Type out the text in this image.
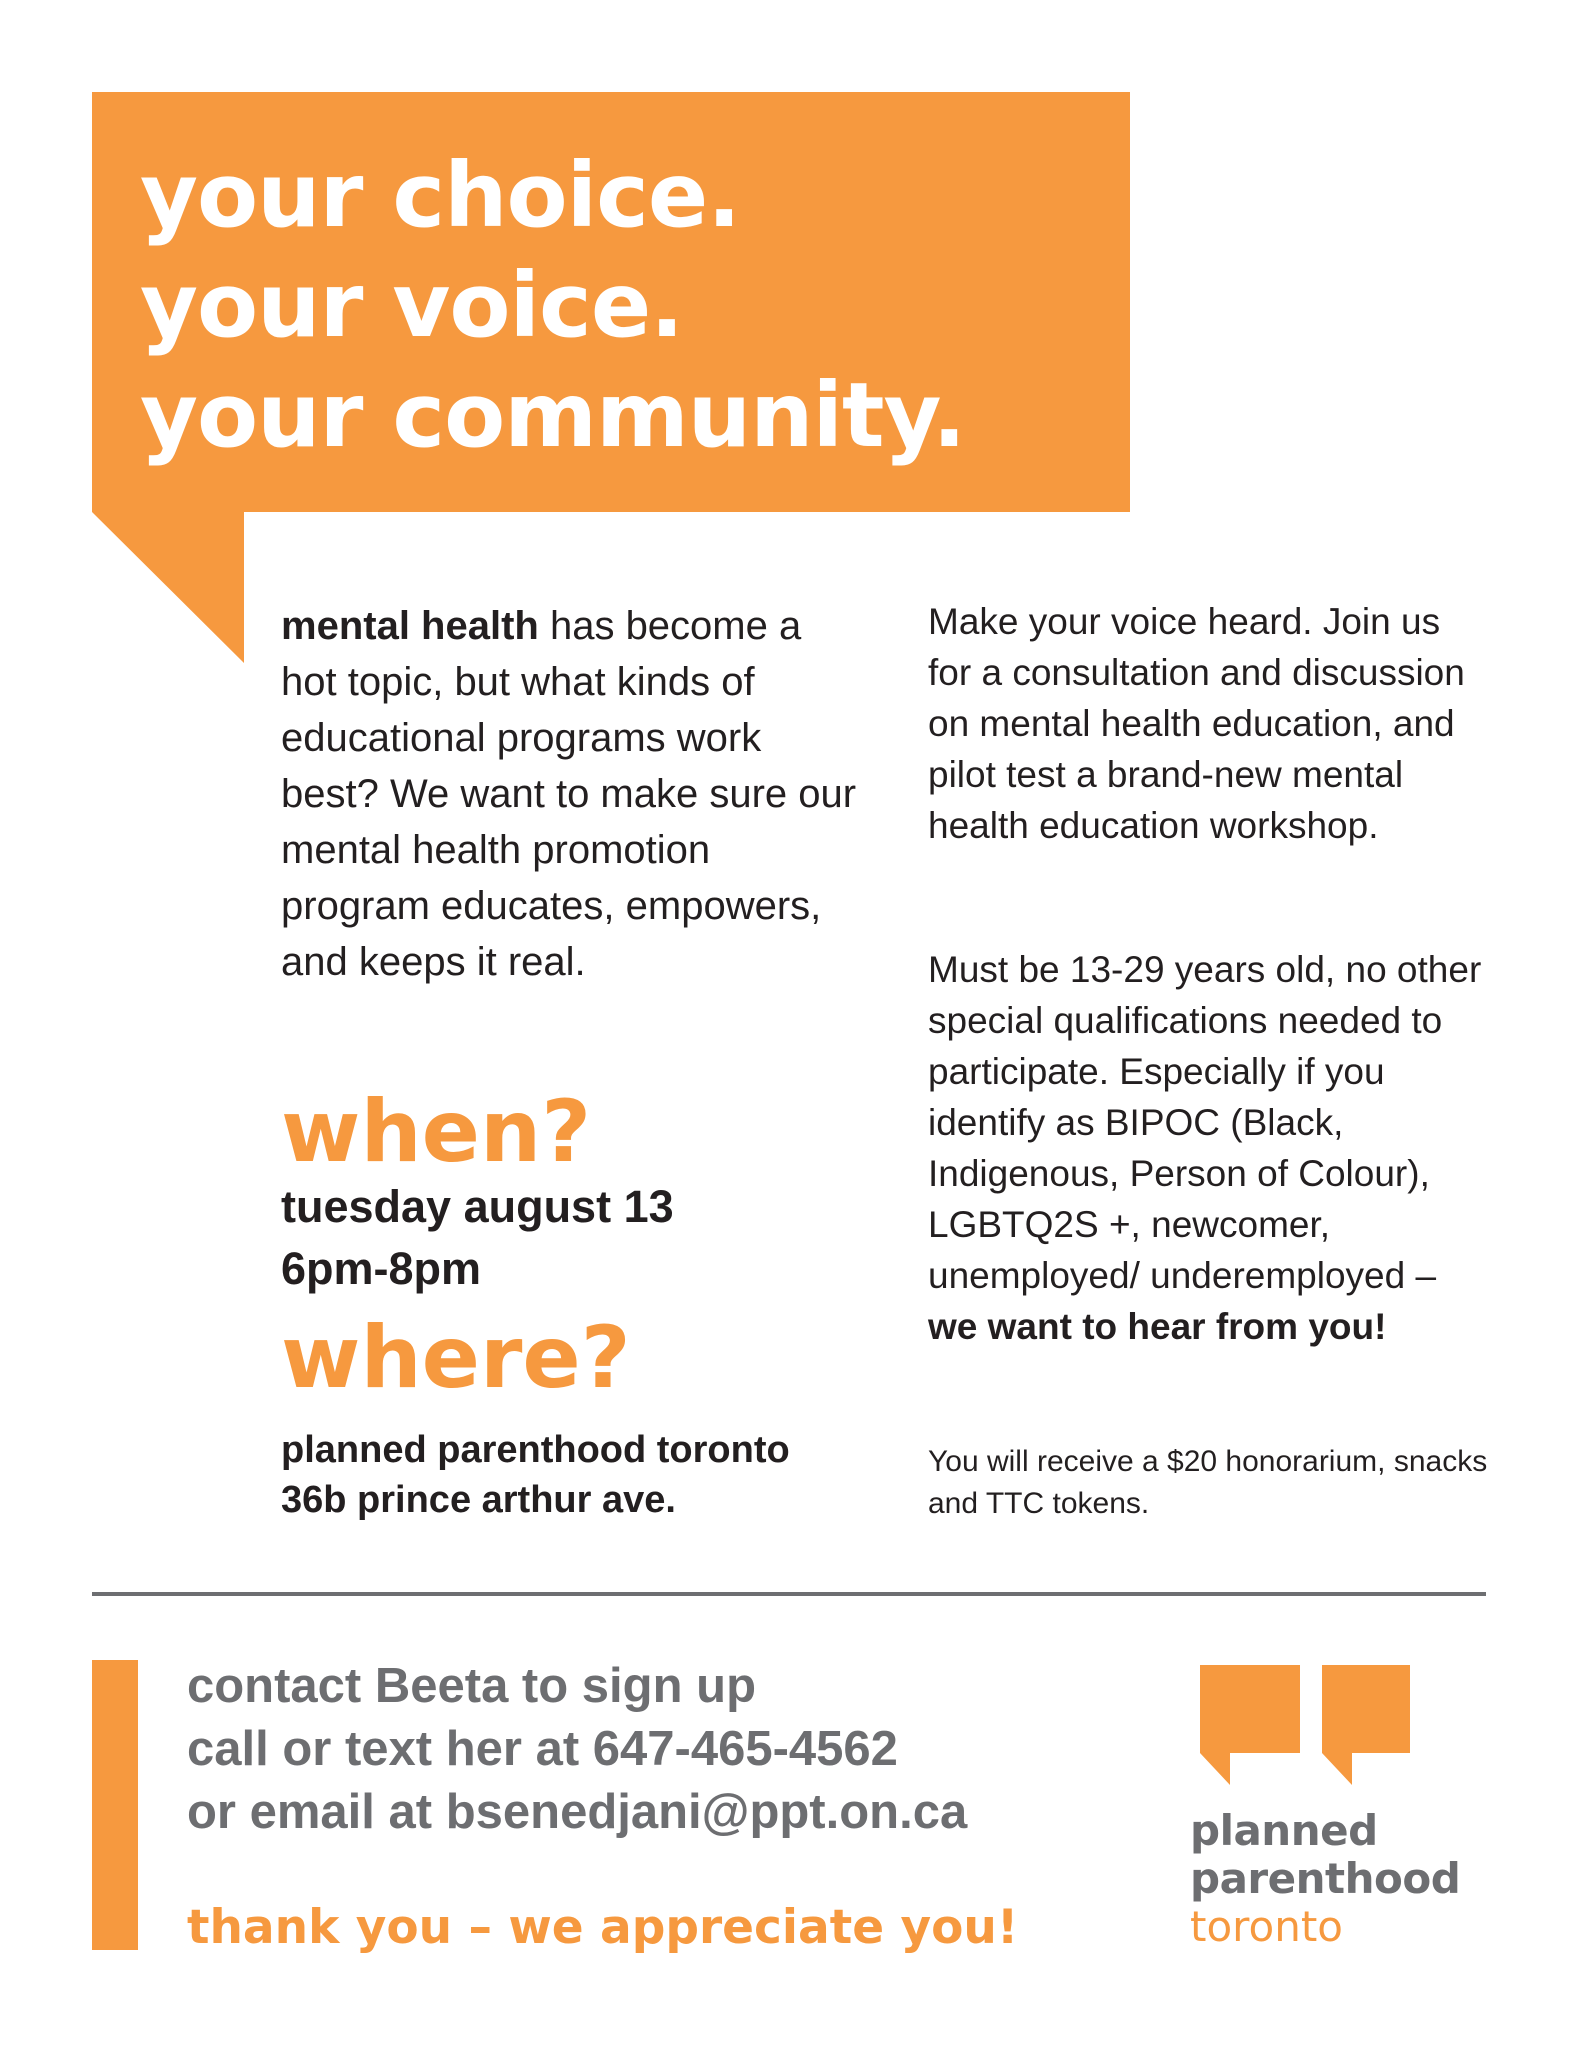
your choice.
your voice.
your community.

mental health has become a hot topic, but what kinds of educational programs work best? We want to make sure our mental health promotion program educates, empowers, and keeps it real.

when?

tuesday august 13
6pm-8pm

where?

planned parenthood toronto
36b prince arthur ave.

Make your voice heard. Join us for a consultation and discussion on mental health education, and pilot test a brand-new mental health education workshop.

Must be 13-29 years old, no other special qualifications needed to participate. Especially if you identify as BIPOC (Black, Indigenous, Person of Colour), LGBTQ2S +, newcomer, unemployed/ underemployed – we want to hear from you!

You will receive a $20 honorarium, snacks and TTC tokens.

contact Beeta to sign up
call or text her at 647-465-4562
or email at bsenedjani@ppt.on.ca

thank you – we appreciate you!

planned
parenthood
toronto
